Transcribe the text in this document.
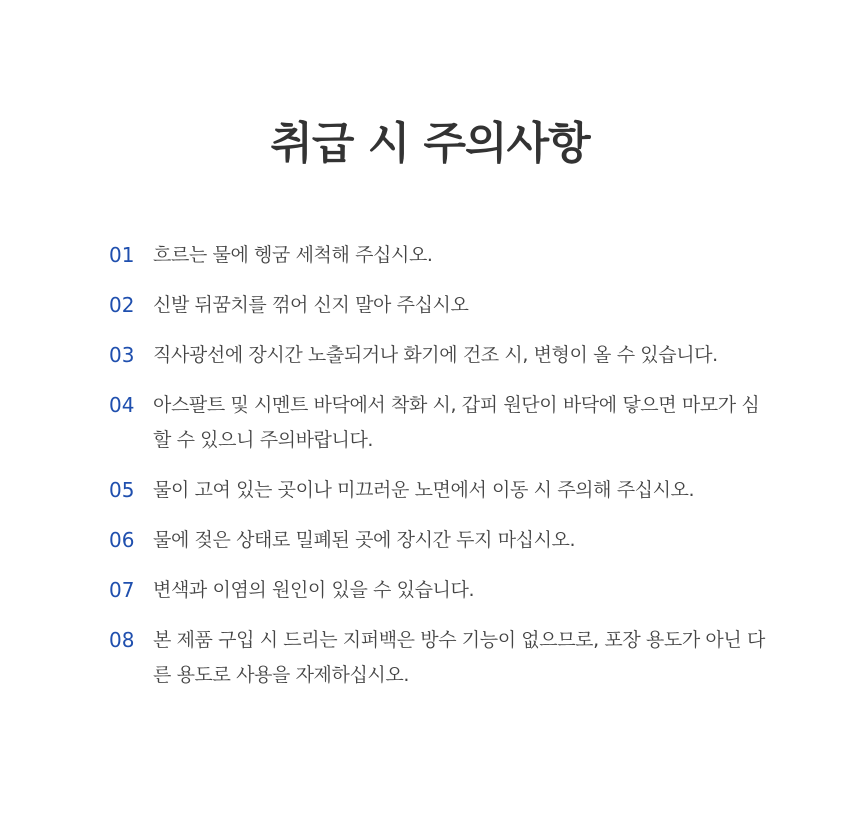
취급 시 주의사항
01 흐르는 물에 헹굼 세척해 주십시오.
02 신발 뒤꿈치를 꺾어 신지 말아 주십시오
03 직사광선에 장시간 노출되거나 화기에 건조 시, 변형이 올 수 있습니다.
04 아스팔트 및 시멘트 바닥에서 착화 시, 갑피 원단이 바닥에 닿으면 마모가 심할 수 있으니 주의바랍니다.
05 물이 고여 있는 곳이나 미끄러운 노면에서 이동 시 주의해 주십시오.
06 물에 젖은 상태로 밀폐된 곳에 장시간 두지 마십시오.
07 변색과 이염의 원인이 있을 수 있습니다.
08 본 제품 구입 시 드리는 지퍼백은 방수 기능이 없으므로, 포장 용도가 아닌 다른 용도로 사용을 자제하십시오.
